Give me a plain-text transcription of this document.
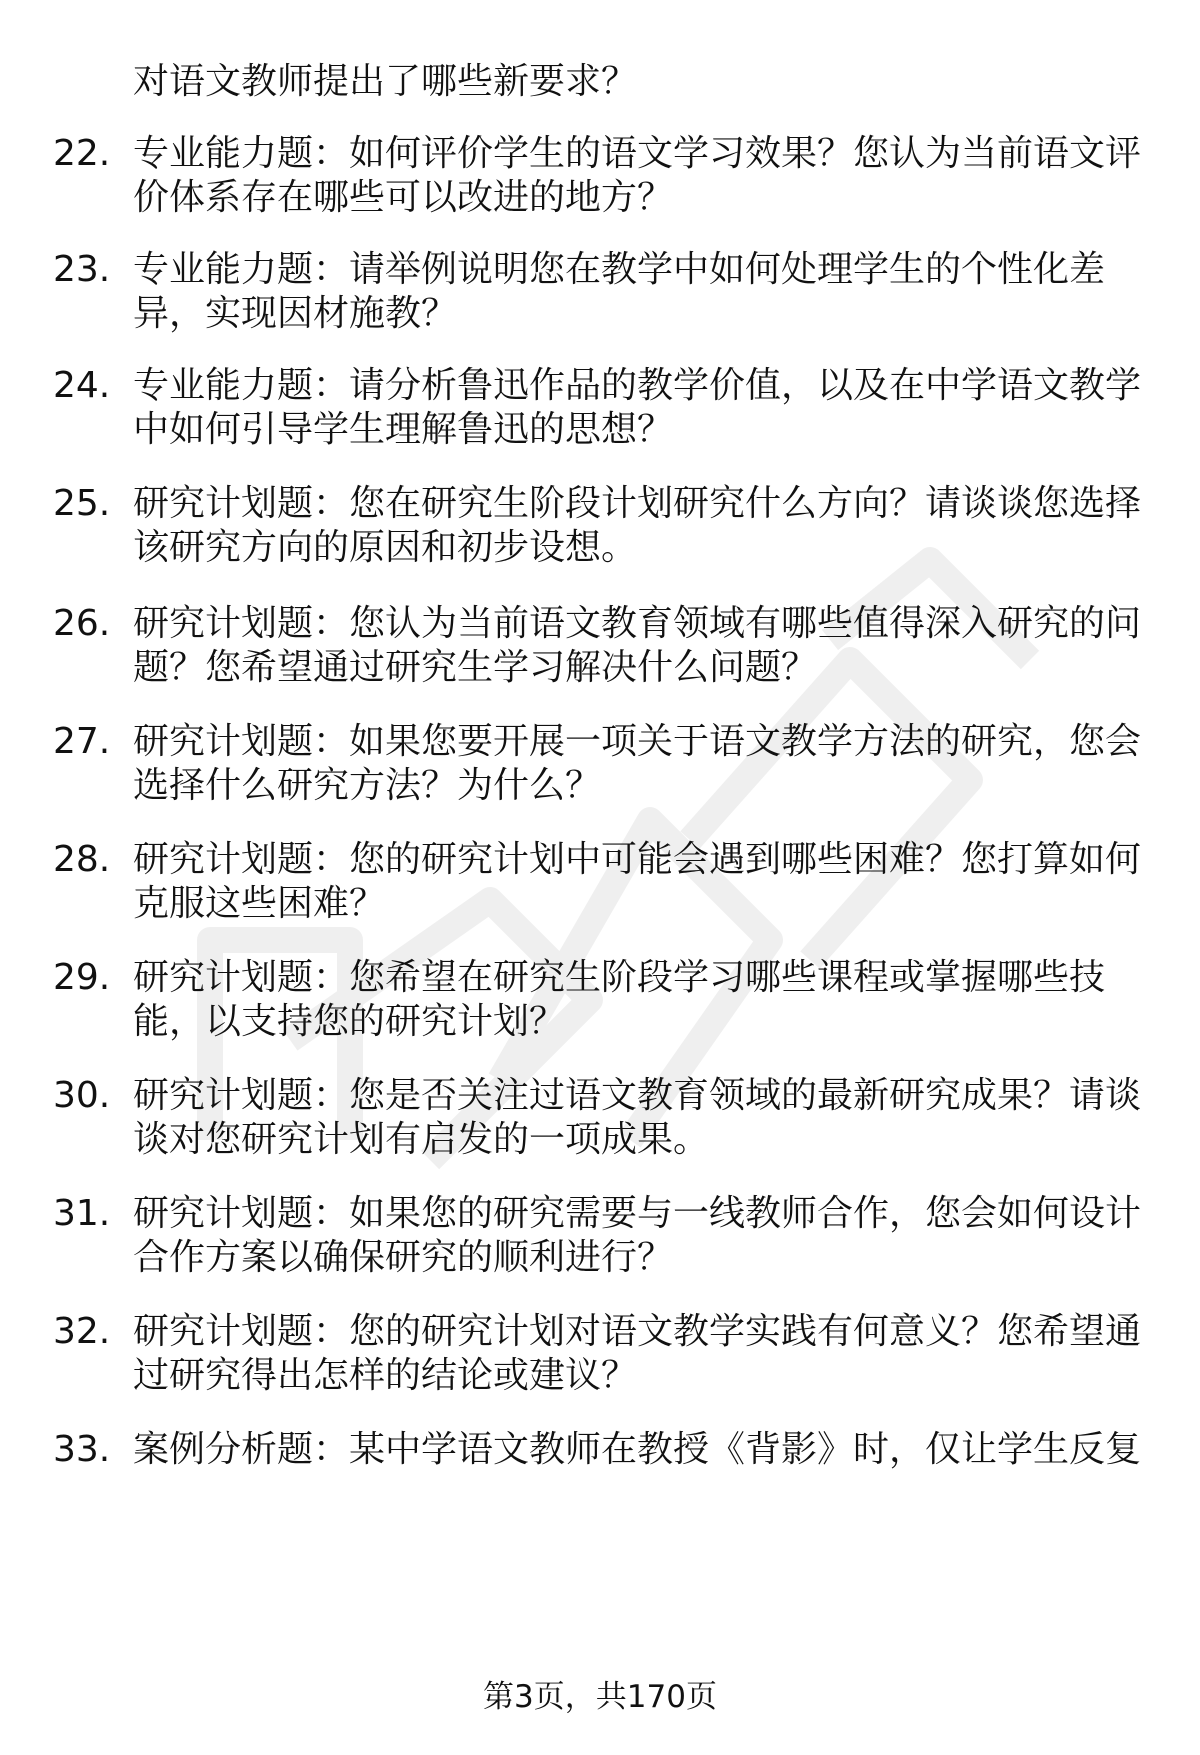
对语文教师提出了哪些新要求？
22. 专业能力题：如何评价学生的语文学习效果？您认为当前语文评
价体系存在哪些可以改进的地方？
23. 专业能力题：请举例说明您在教学中如何处理学生的个性化差
异，实现因材施教？
24. 专业能力题：请分析鲁迅作品的教学价值，以及在中学语文教学
中如何引导学生理解鲁迅的思想？
25. 研究计划题：您在研究生阶段计划研究什么方向？请谈谈您选择
该研究方向的原因和初步设想。
26. 研究计划题：您认为当前语文教育领域有哪些值得深入研究的问
题？您希望通过研究生学习解决什么问题？
27. 研究计划题：如果您要开展一项关于语文教学方法的研究，您会
选择什么研究方法？为什么？
28. 研究计划题：您的研究计划中可能会遇到哪些困难？您打算如何
克服这些困难？
29. 研究计划题：您希望在研究生阶段学习哪些课程或掌握哪些技
能，以支持您的研究计划？
30. 研究计划题：您是否关注过语文教育领域的最新研究成果？请谈
谈对您研究计划有启发的一项成果。
31. 研究计划题：如果您的研究需要与一线教师合作，您会如何设计
合作方案以确保研究的顺利进行？
32. 研究计划题：您的研究计划对语文教学实践有何意义？您希望通
过研究得出怎样的结论或建议？
33. 案例分析题：某中学语文教师在教授《背影》时，仅让学生反复
第3页，共170页
